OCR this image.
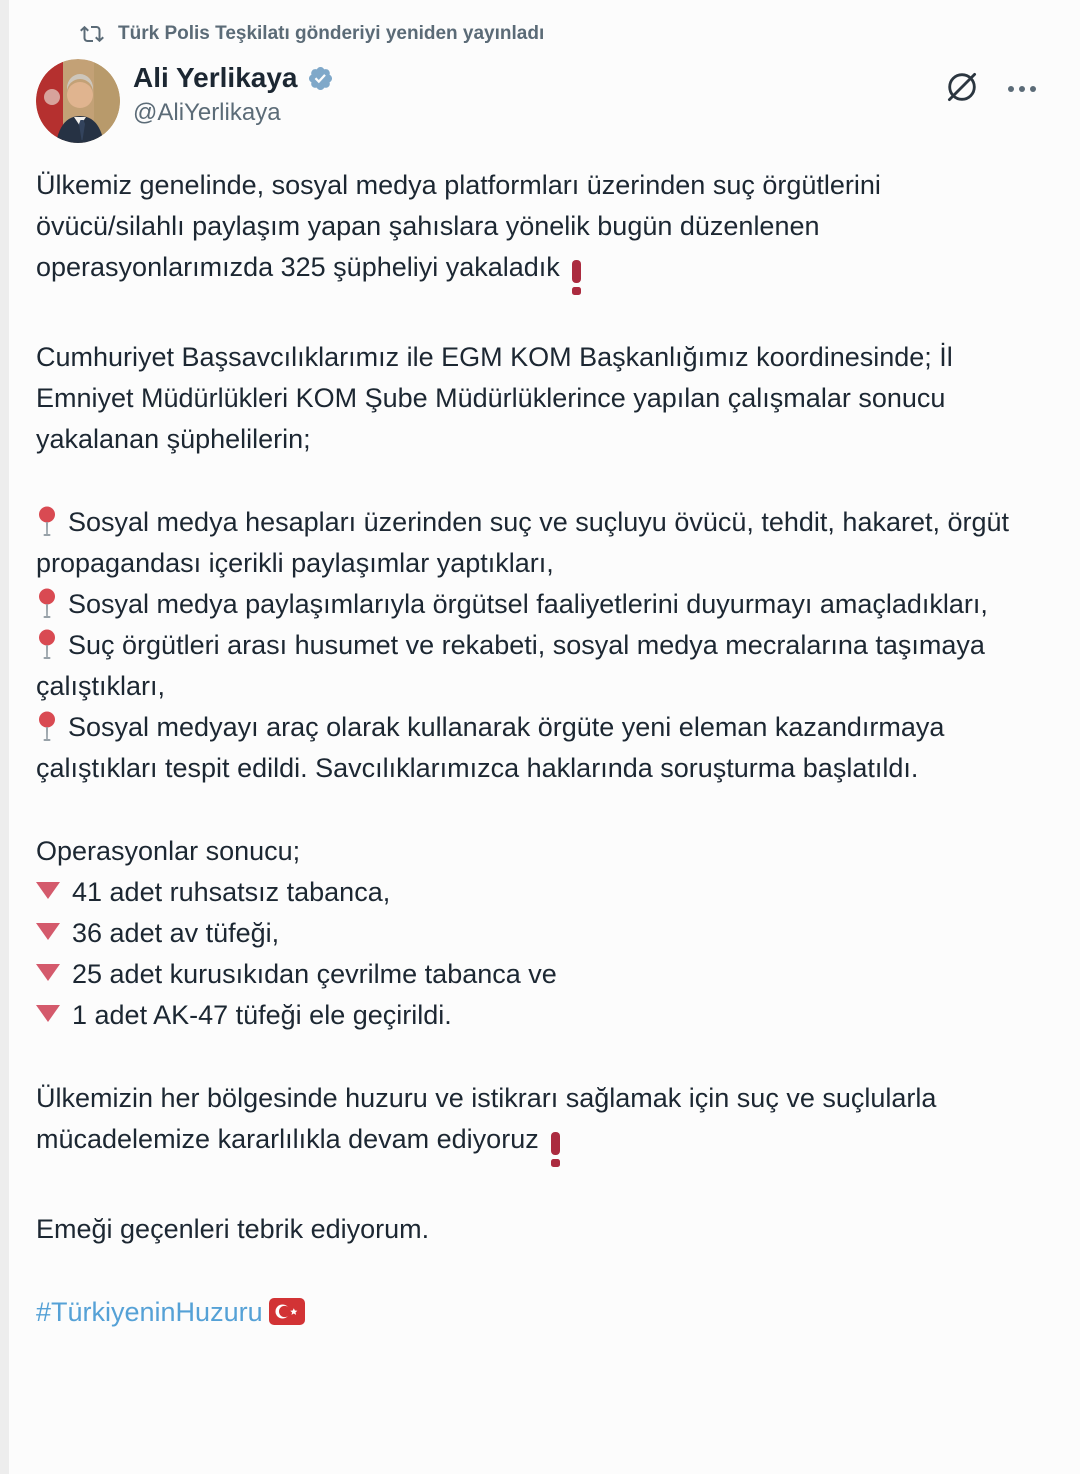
Türk Polis Teşkilatı gönderiyi yeniden yayınladı
Ali Yerlikaya
@AliYerlikaya

Ülkemiz genelinde, sosyal medya platformları üzerinden suç örgütlerini övücü/silahlı paylaşım yapan şahıslara yönelik bugün düzenlenen operasyonlarımızda 325 şüpheliyi yakaladık

Cumhuriyet Başsavcılıklarımız ile EGM KOM Başkanlığımız koordinesinde; İl Emniyet Müdürlükleri KOM Şube Müdürlüklerince yapılan çalışmalar sonucu yakalanan şüphelilerin;

Sosyal medya hesapları üzerinden suç ve suçluyu övücü, tehdit, hakaret, örgüt propagandası içerikli paylaşımlar yaptıkları,

Sosyal medya paylaşımlarıyla örgütsel faaliyetlerini duyurmayı amaçladıkları,

Suç örgütleri arası husumet ve rekabeti, sosyal medya mecralarına taşımaya çalıştıkları,

Sosyal medyayı araç olarak kullanarak örgüte yeni eleman kazandırmaya çalıştıkları tespit edildi. Savcılıklarımızca haklarında soruşturma başlatıldı.

Operasyonlar sonucu;

41 adet ruhsatsız tabanca,

36 adet av tüfeği,

25 adet kurusıkıdan çevrilme tabanca ve

1 adet AK-47 tüfeği ele geçirildi.

Ülkemizin her bölgesinde huzuru ve istikrarı sağlamak için suç ve suçlularla mücadelemize kararlılıkla devam ediyoruz

Emeği geçenleri tebrik ediyorum.

#TürkiyeninHuzuru
